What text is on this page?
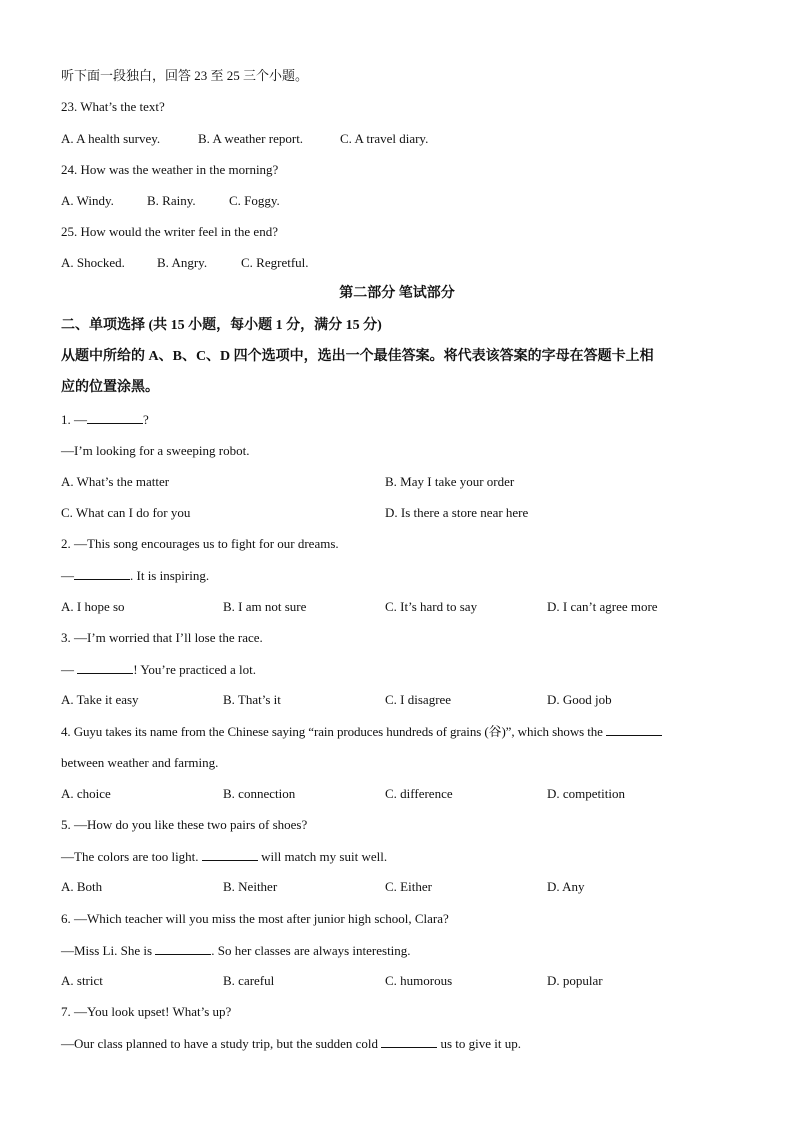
听下面一段独白，回答 23 至 25 三个小题。
23. What’s the text?
A. A health survey.	B. A weather report.	C. A travel diary.
24. How was the weather in the morning?
A. Windy.	B. Rainy.	C. Foggy.
25. How would the writer feel in the end?
A. Shocked. B. Angry.	C. Regretful.
第二部分 笔试部分
二、单项选择 (共 15 小题，每小题 1 分，满分 15 分)
从题中所给的 A、B、C、D 四个选项中，选出一个最佳答案。将代表该答案的字母在答题卡上相
应的位置涂黑。
1. —	?
—I’m looking for a sweeping robot.
A. What’s the matter	B. May I take your order
C. What can I do for you	D. Is there a store near here
2. —This song encourages us to fight for our dreams.
—	. It is inspiring.
A. I hope so	B. I am not sure	C. It’s hard to say	D. I can’t agree more
3. —I’m worried that I’ll lose the race.
—	! You’re practiced a lot.
A. Take it easy	B. That’s it	C. I disagree	D. Good job
4. Guyu takes its name from the Chinese saying “rain produces hundreds of grains (谷)”, which shows the
between weather and farming.
A. choice	B. connection	C. difference	D. competition
5. —How do you like these two pairs of shoes?
—The colors are too light.	will match my suit well.
A. Both	B. Neither	C. Either	D. Any
6. —Which teacher will you miss the most after junior high school, Clara?
—Miss Li. She is	. So her classes are always interesting.
A. strict	B. careful	C. humorous	D. popular
7. —You look upset! What’s up?
—Our class planned to have a study trip, but the sudden cold	us to give it up.
